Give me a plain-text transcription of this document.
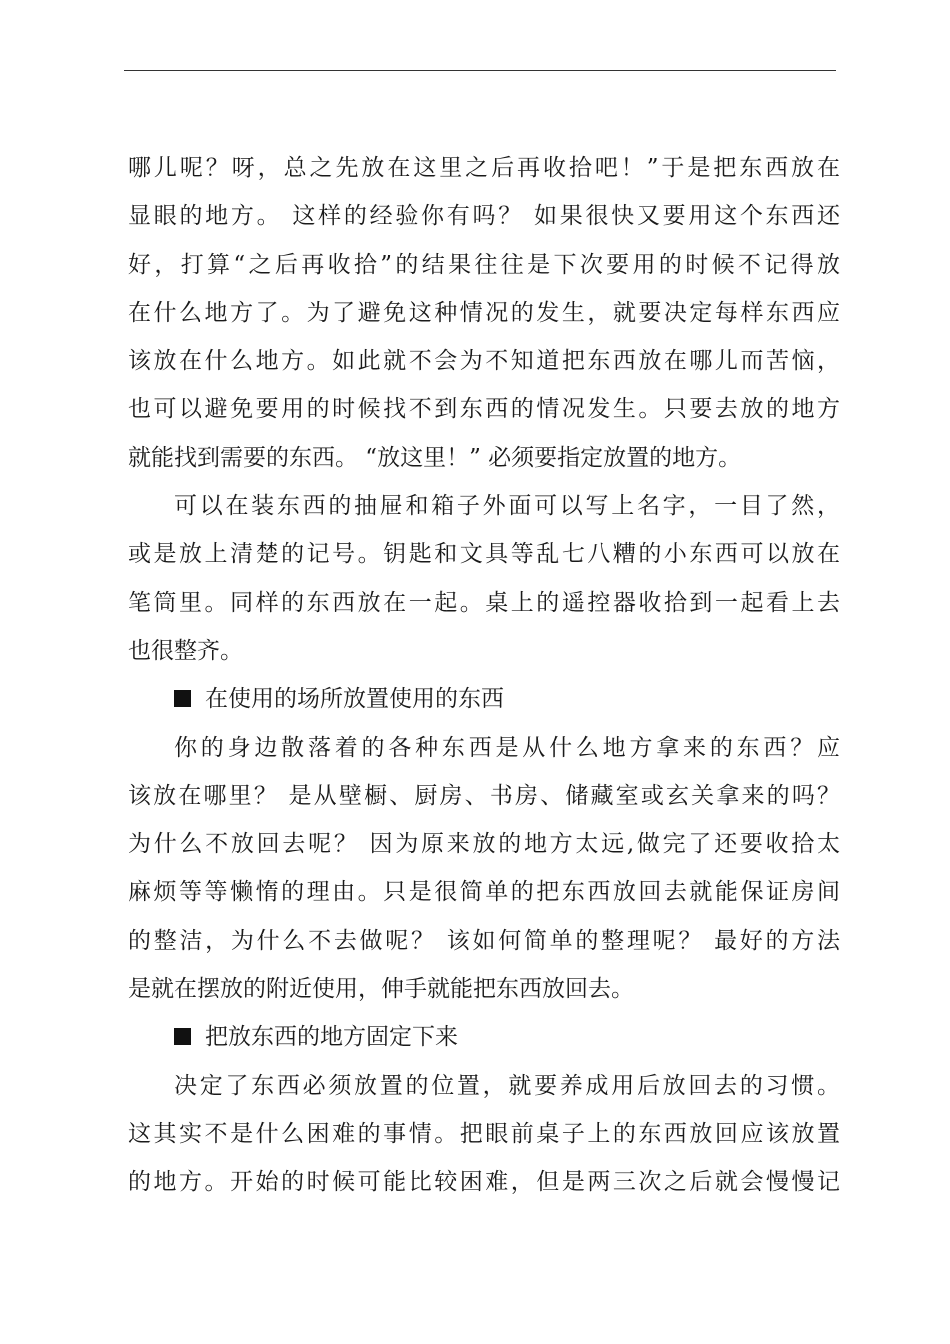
哪儿呢？呀，总之先放在这里之后再收拾吧！”于是把东西放在
显眼的地方。 这样的经验你有吗？ 如果很快又要用这个东西还
好，打算“之后再收拾”的结果往往是下次要用的时候不记得放
在什么地方了。为了避免这种情况的发生，就要决定每样东西应
该放在什么地方。如此就不会为不知道把东西放在哪儿而苦恼，
也可以避免要用的时候找不到东西的情况发生。只要去放的地方
就能找到需要的东西。 “放这里！” 必须要指定放置的地方。

可以在装东西的抽屉和箱子外面可以写上名字，一目了然，
或是放上清楚的记号。钥匙和文具等乱七八糟的小东西可以放在
笔筒里。同样的东西放在一起。桌上的遥控器收拾到一起看上去
也很整齐。

在使用的场所放置使用的东西

你的身边散落着的各种东西是从什么地方拿来的东西？应
该放在哪里？ 是从壁橱、厨房、书房、储藏室或玄关拿来的吗？
为什么不放回去呢？ 因为原来放的地方太远,做完了还要收拾太
麻烦等等懒惰的理由。只是很简单的把东西放回去就能保证房间
的整洁，为什么不去做呢？ 该如何简单的整理呢？ 最好的方法
是就在摆放的附近使用，伸手就能把东西放回去。

把放东西的地方固定下来

决定了东西必须放置的位置，就要养成用后放回去的习惯。
这其实不是什么困难的事情。把眼前桌子上的东西放回应该放置
的地方。开始的时候可能比较困难，但是两三次之后就会慢慢记
